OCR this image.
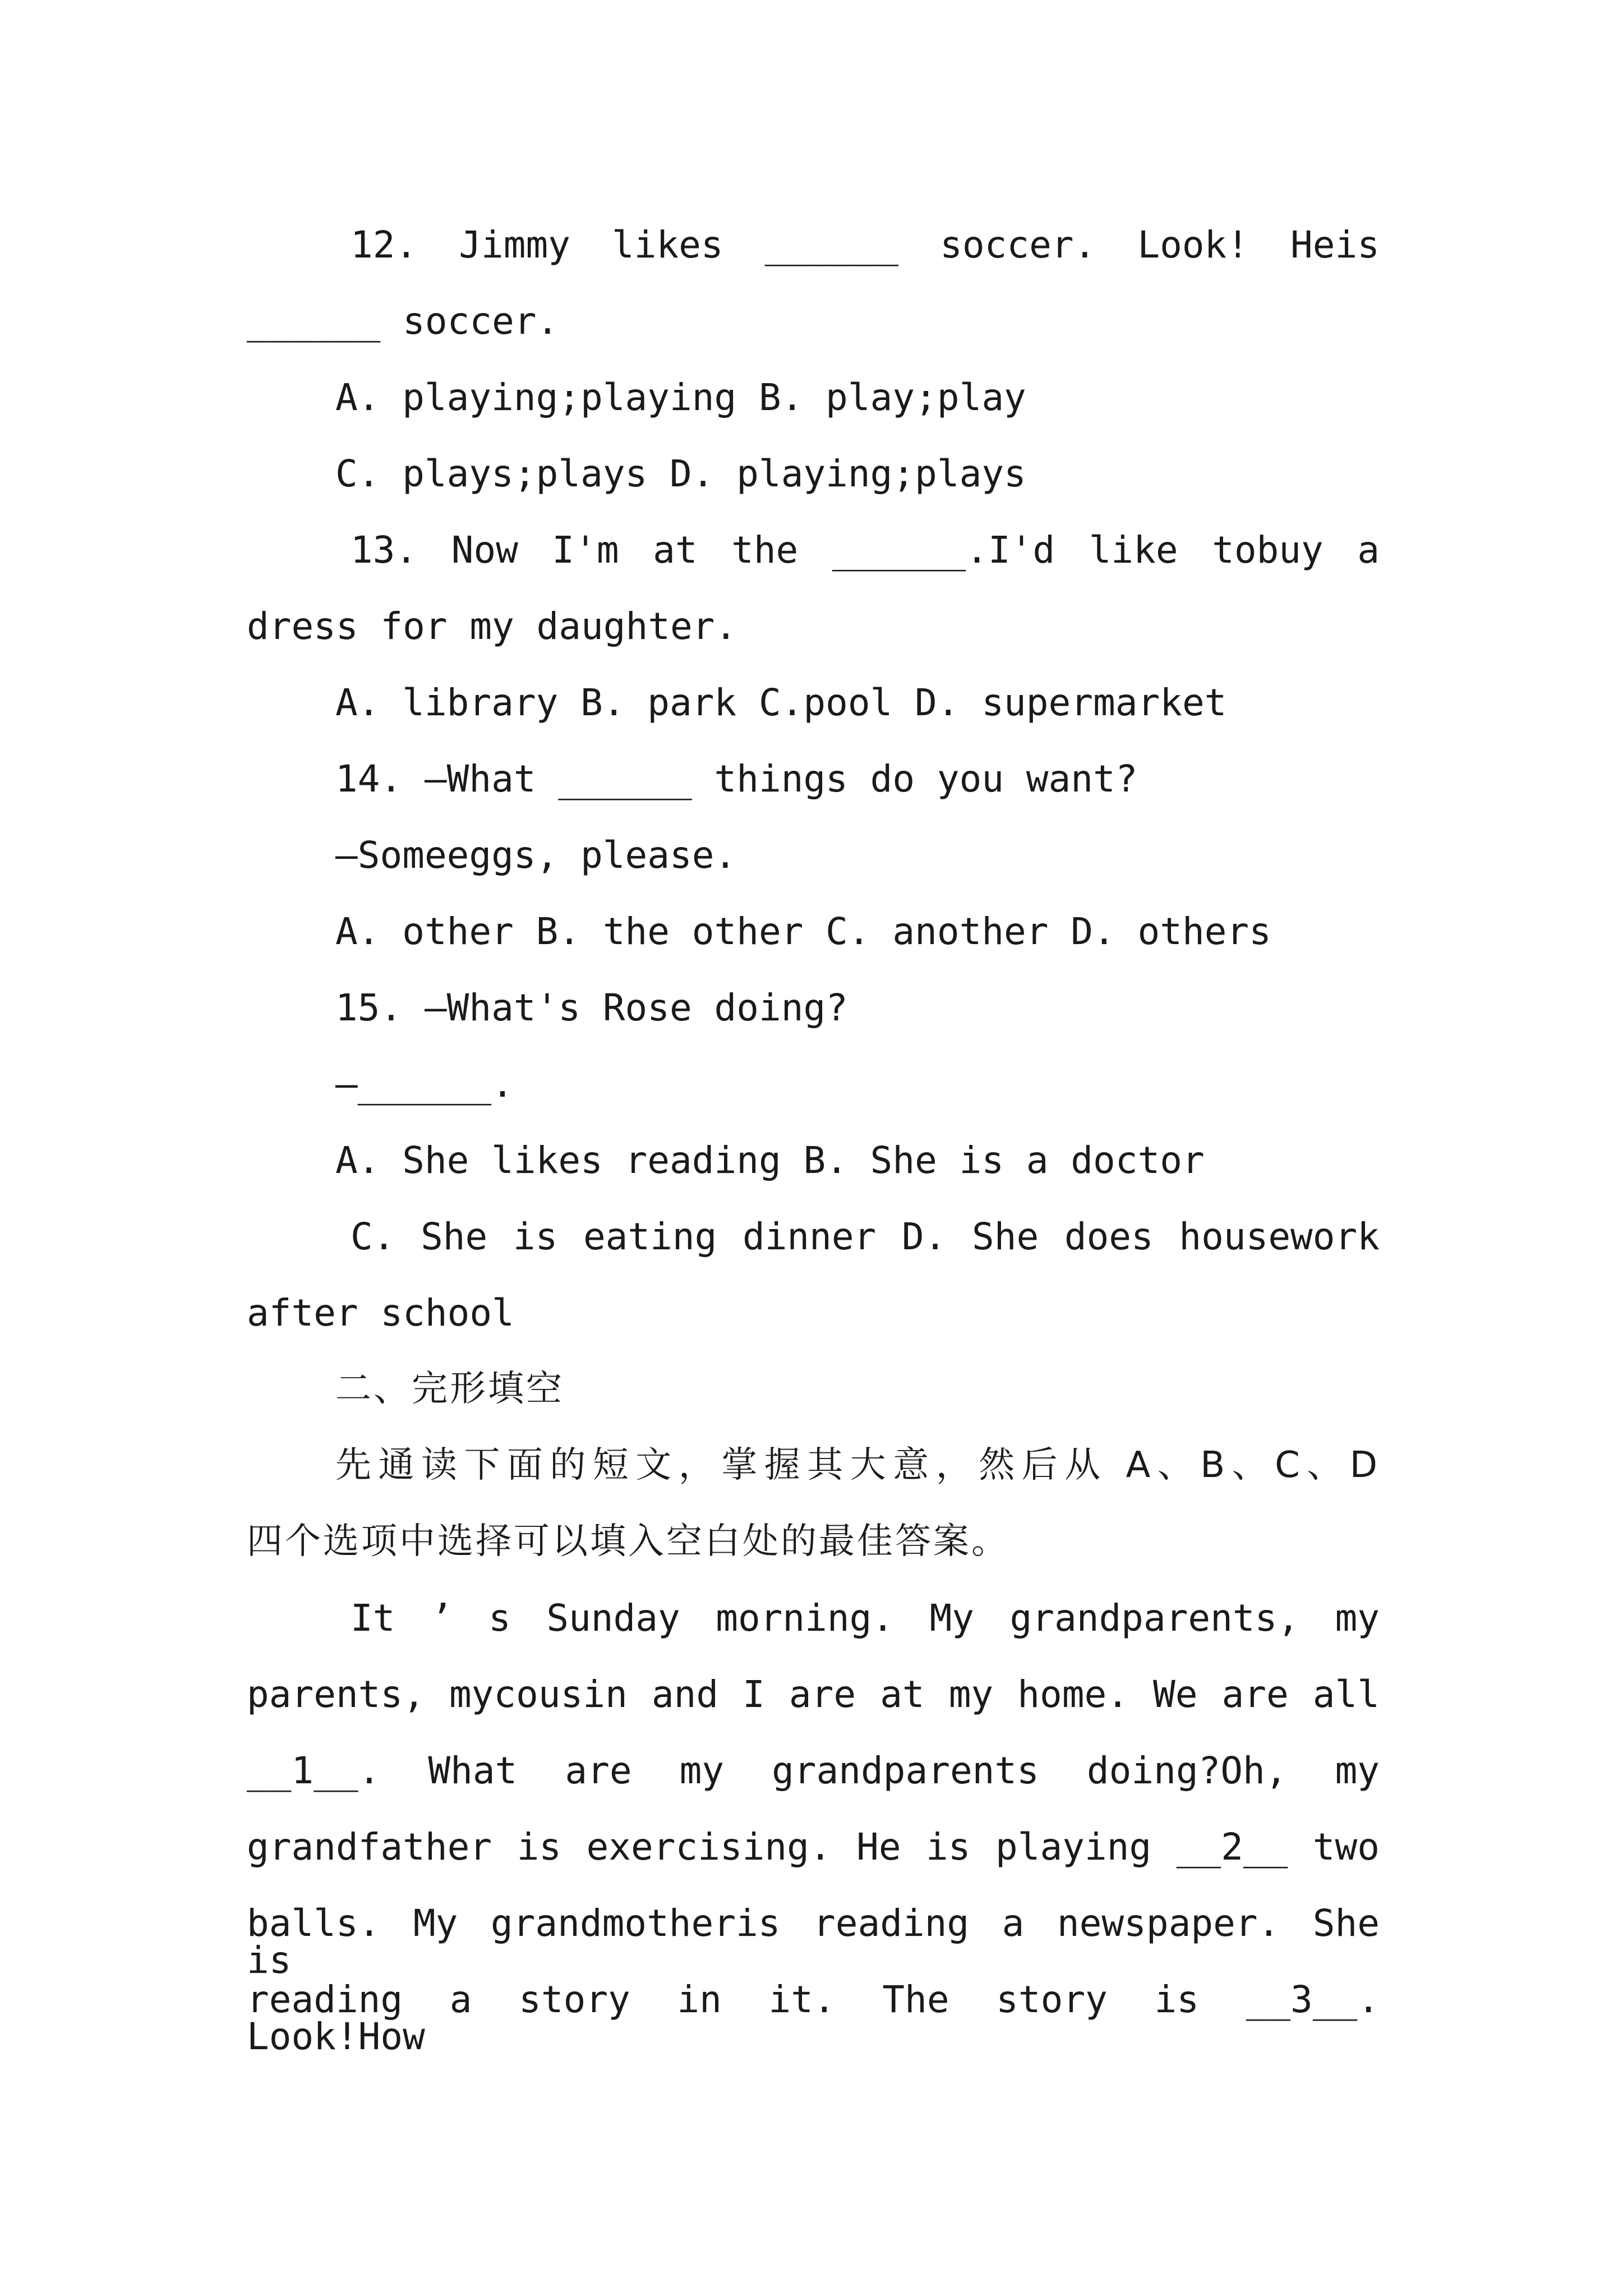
12. Jimmy likes ______ soccer. Look! Heis
______ soccer.
A. playing;playing B. play;play
C. plays;plays D. playing;plays
13. Now I'm at the ______.I'd like tobuy a
dress for my daughter.
A. library B. park C.pool D. supermarket
14. —What ______ things do you want?
—Someeggs, please.
A. other B. the other C. another D. others
15. —What's Rose doing?
—______.
A. She likes reading B. She is a doctor
C. She is eating dinner D. She does housework
after school
二、完形填空
先通读下面的短文，掌握其大意，然后从 A、B、C、D
四个选项中选择可以填入空白处的最佳答案。
It ’ s Sunday morning. My grandparents, my
parents, mycousin and I are at my home. We are all
__1__. What are my grandparents doing?Oh, my
grandfather is exercising. He is playing __2__ two
balls. My grandmotheris reading a newspaper. She is
reading a story in it. The story is __3__. Look!How
